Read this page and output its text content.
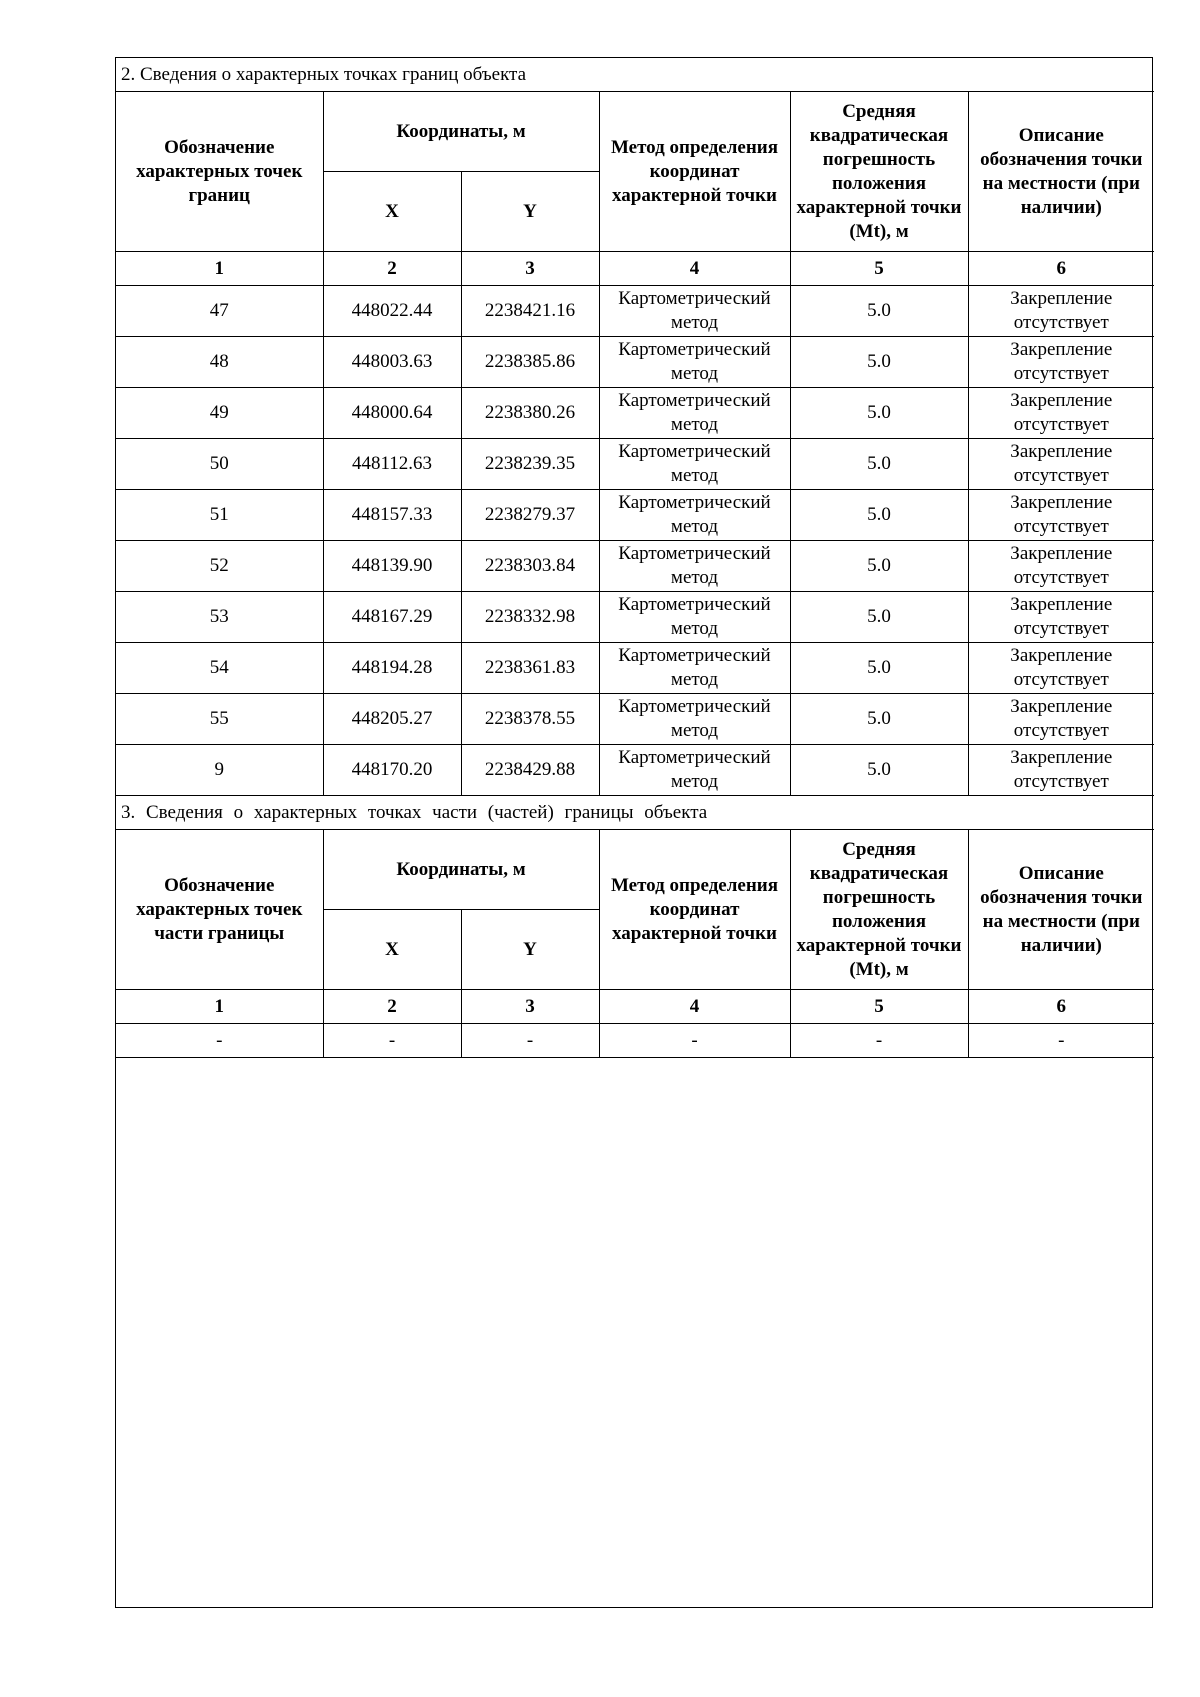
2. Сведения о характерных точках границ объекта					
Обозначение характерных точек границ	Координаты, м		Метод определения координат характерной точки	Средняя квадратическая погрешность положения характерной точки (Mt), м	Описание обозначения точки на местности (при наличии)
	X	Y			
1	2	3	4	5	6
47	448022.44	2238421.16	Картометрический метод	5.0	Закрепление отсутствует
48	448003.63	2238385.86	Картометрический метод	5.0	Закрепление отсутствует
49	448000.64	2238380.26	Картометрический метод	5.0	Закрепление отсутствует
50	448112.63	2238239.35	Картометрический метод	5.0	Закрепление отсутствует
51	448157.33	2238279.37	Картометрический метод	5.0	Закрепление отсутствует
52	448139.90	2238303.84	Картометрический метод	5.0	Закрепление отсутствует
53	448167.29	2238332.98	Картометрический метод	5.0	Закрепление отсутствует
54	448194.28	2238361.83	Картометрический метод	5.0	Закрепление отсутствует
55	448205.27	2238378.55	Картометрический метод	5.0	Закрепление отсутствует
9	448170.20	2238429.88	Картометрический метод	5.0	Закрепление отсутствует
3. Сведения о характерных точках части (частей) границы объекта					
Обозначение характерных точек части границы	Координаты, м		Метод определения координат характерной точки	Средняя квадратическая погрешность положения характерной точки (Mt), м	Описание обозначения точки на местности (при наличии)
	X	Y			
1	2	3	4	5	6
-	-	-	-	-	-
